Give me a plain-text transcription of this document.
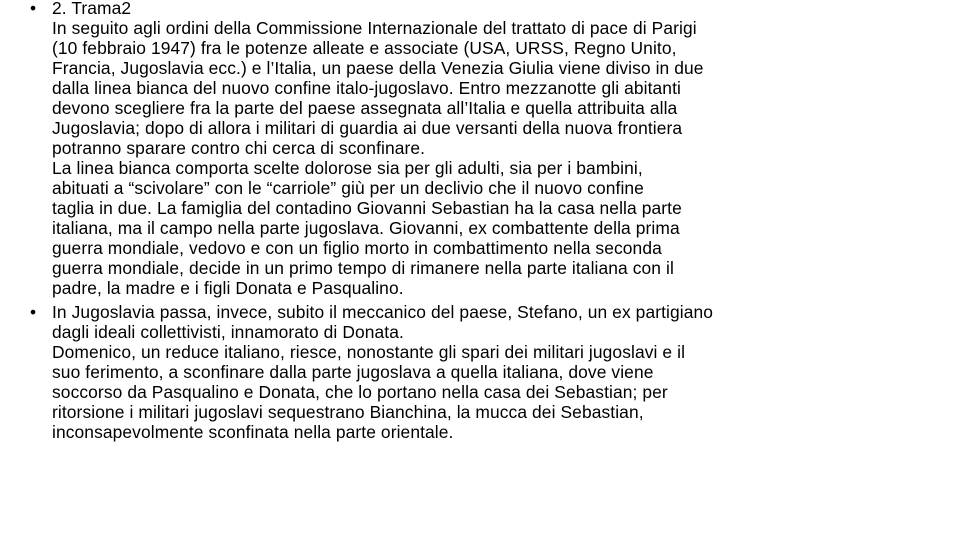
• 2. Trama2
In seguito agli ordini della Commissione Internazionale del trattato di pace di Parigi
(10 febbraio 1947) fra le potenze alleate e associate (USA, URSS, Regno Unito,
Francia, Jugoslavia ecc.) e l’Italia, un paese della Venezia Giulia viene diviso in due
dalla linea bianca del nuovo confine italo-jugoslavo. Entro mezzanotte gli abitanti
devono scegliere fra la parte del paese assegnata all’Italia e quella attribuita alla
Jugoslavia; dopo di allora i militari di guardia ai due versanti della nuova frontiera
potranno sparare contro chi cerca di sconfinare.
La linea bianca comporta scelte dolorose sia per gli adulti, sia per i bambini,
abituati a “scivolare” con le “carriole” giù per un declivio che il nuovo confine
taglia in due. La famiglia del contadino Giovanni Sebastian ha la casa nella parte
italiana, ma il campo nella parte jugoslava. Giovanni, ex combattente della prima
guerra mondiale, vedovo e con un figlio morto in combattimento nella seconda
guerra mondiale, decide in un primo tempo di rimanere nella parte italiana con il
padre, la madre e i figli Donata e Pasqualino.
• In Jugoslavia passa, invece, subito il meccanico del paese, Stefano, un ex partigiano
dagli ideali collettivisti, innamorato di Donata.
Domenico, un reduce italiano, riesce, nonostante gli spari dei militari jugoslavi e il
suo ferimento, a sconfinare dalla parte jugoslava a quella italiana, dove viene
soccorso da Pasqualino e Donata, che lo portano nella casa dei Sebastian; per
ritorsione i militari jugoslavi sequestrano Bianchina, la mucca dei Sebastian,
inconsapevolmente sconfinata nella parte orientale.
